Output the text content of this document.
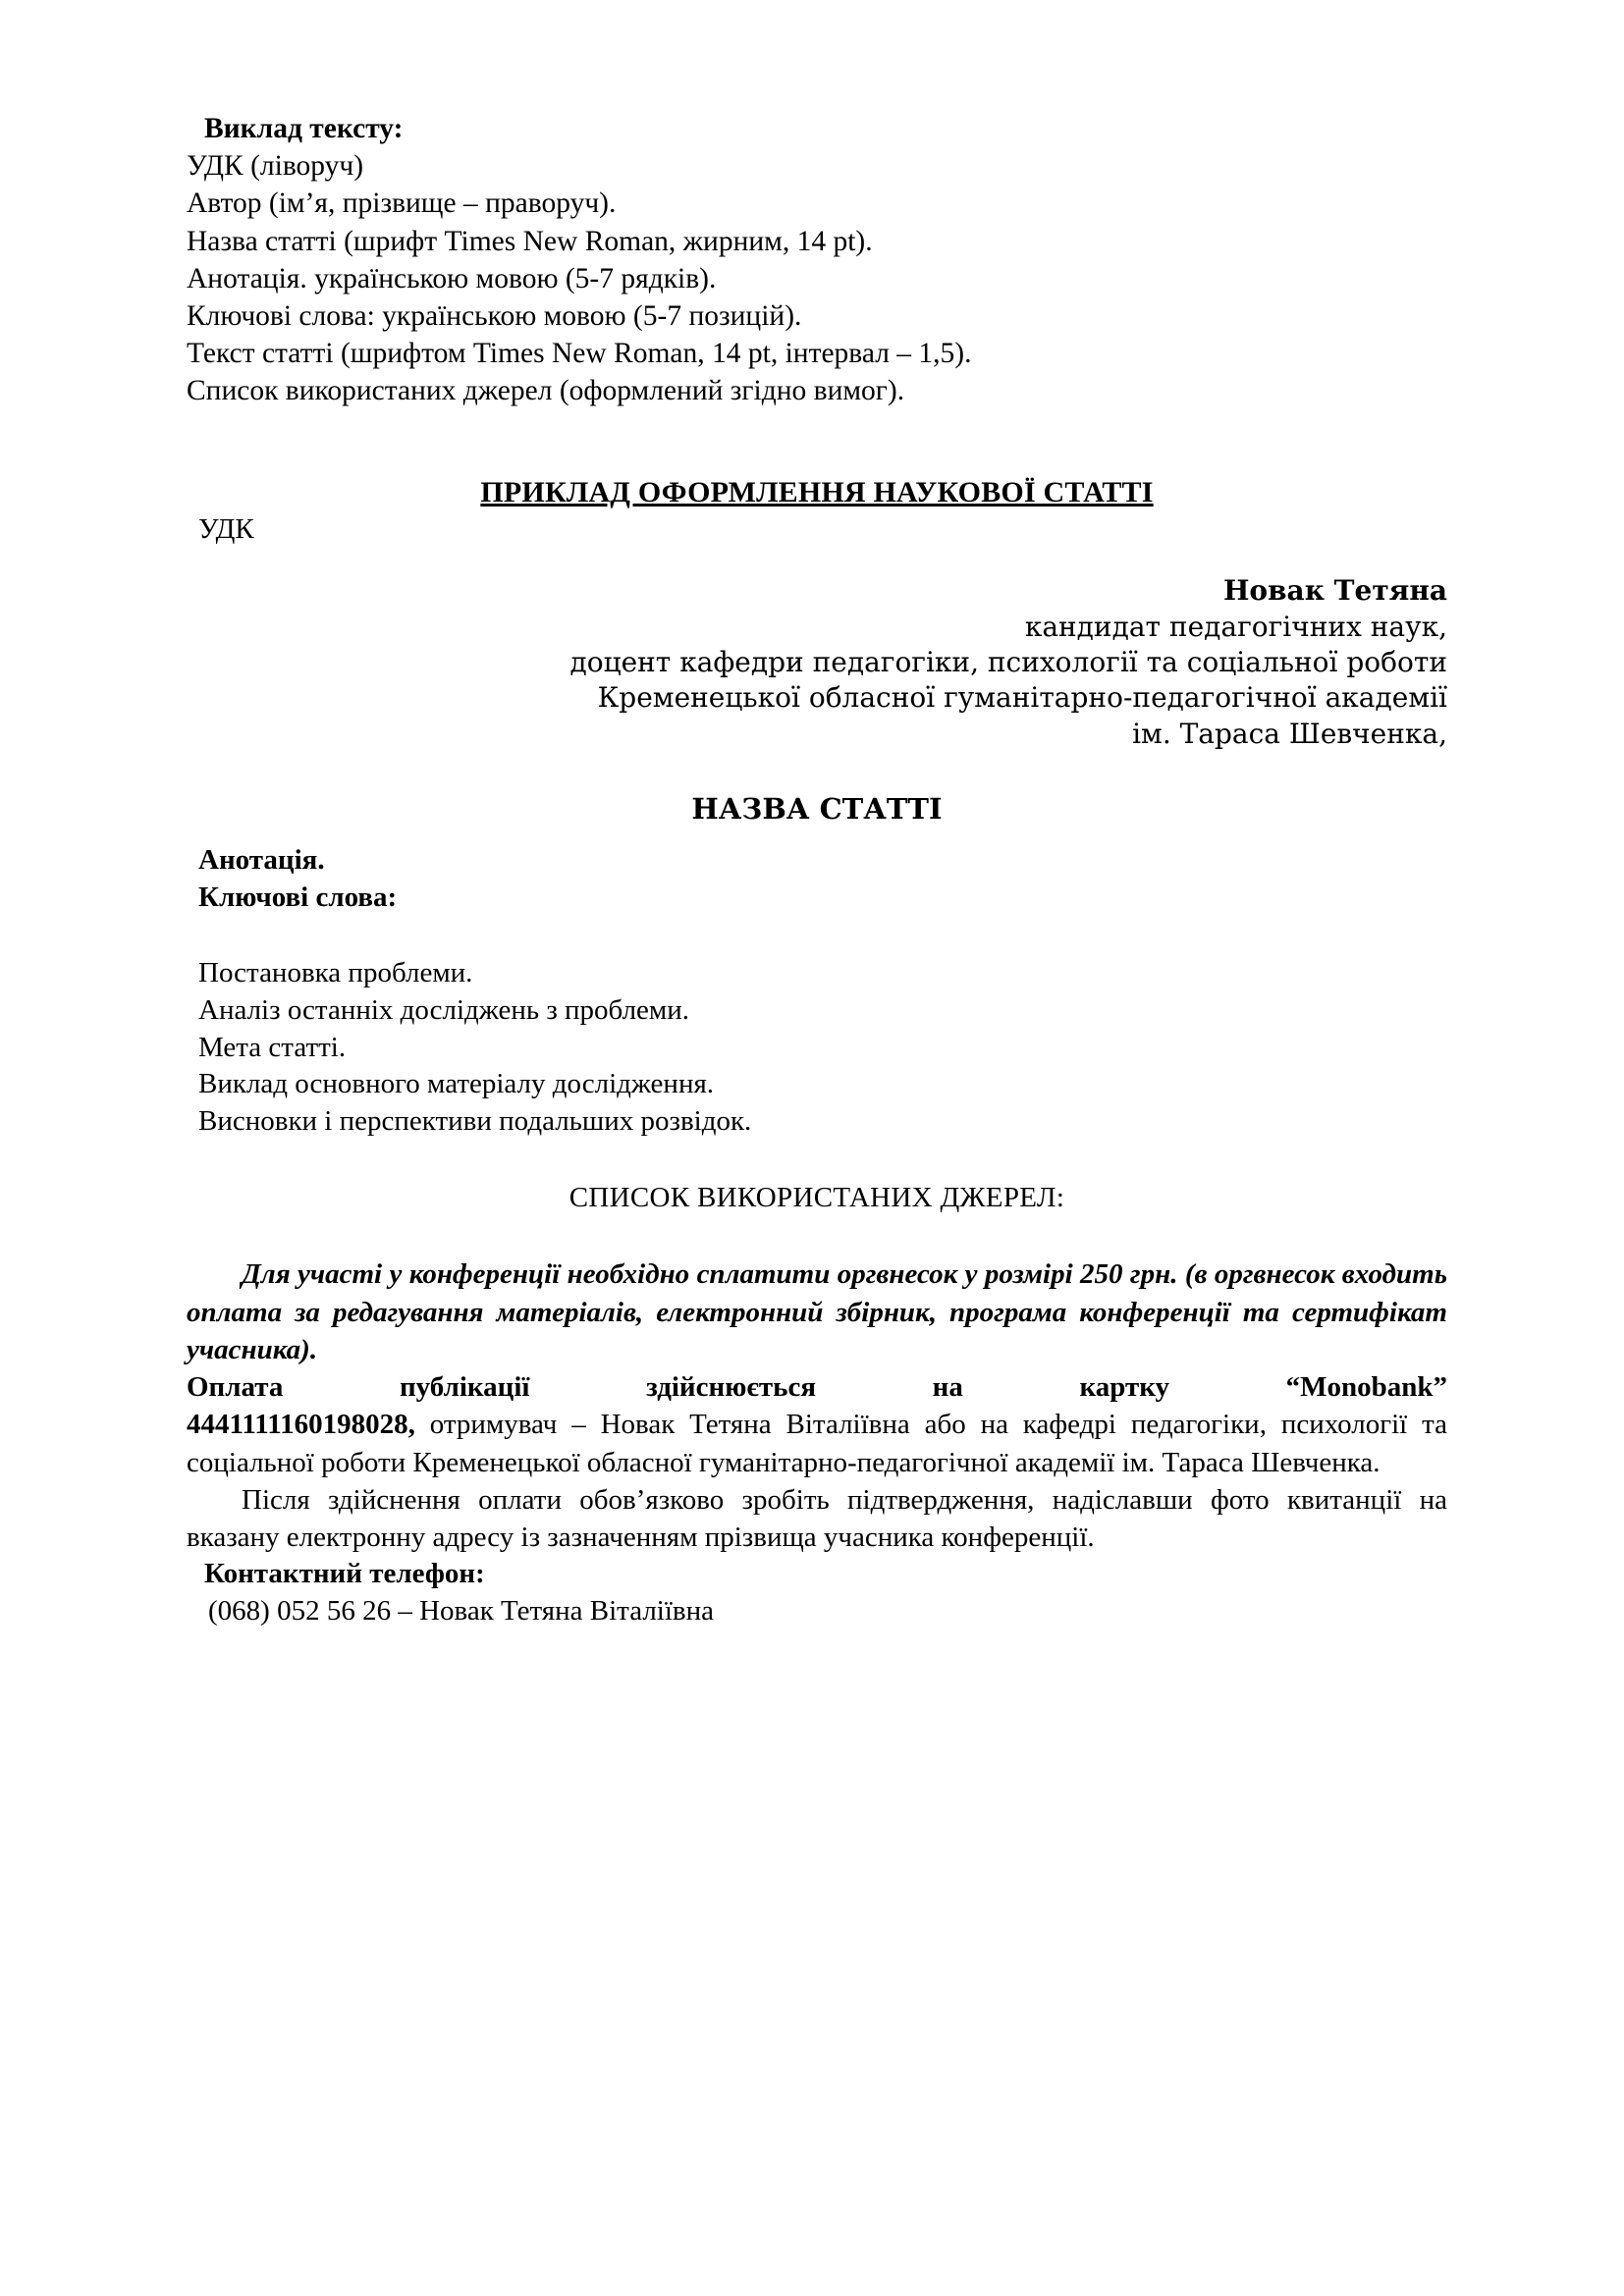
Виклад тексту:

УДК (ліворуч)

Автор (ім’я, прізвище – праворуч).

Назва статті (шрифт Times New Roman, жирним, 14 pt).

Анотація. українською мовою (5-7 рядків).

Ключові слова: українською мовою (5-7 позицій).

Текст статті (шрифтом Times New Roman, 14 pt, інтервал – 1,5).

Список використаних джерел (оформлений згідно вимог).

ПРИКЛАД ОФОРМЛЕННЯ НАУКОВОЇ СТАТТІ

УДК

Новак Тетяна

кандидат педагогічних наук,

доцент кафедри педагогіки, психології та соціальної роботи

Кременецької обласної гуманітарно-педагогічної академії

ім. Тараса Шевченка,

НАЗВА СТАТТІ

Анотація.

Ключові слова:

Постановка проблеми.

Аналіз останніх досліджень з проблеми.

Мета статті.

Виклад основного матеріалу дослідження.

Висновки і перспективи подальших розвідок.

СПИСОК ВИКОРИСТАНИХ ДЖЕРЕЛ:

Для участі у конференції необхідно сплатити оргвнесок у розмірі 250 грн. (в оргвнесок входить оплата за редагування матеріалів, електронний збірник, програма конференції та сертифікат учасника).

Оплата	публікації	здійснюється	на	картку	“Monobank”

4441111160198028, отримувач – Новак Тетяна Віталіївна або на кафедрі педагогіки, психології та соціальної роботи Кременецької обласної гуманітарно-педагогічної академії ім. Тараса Шевченка.

Після здійснення оплати обов’язково зробіть підтвердження, надіславши фото квитанції на вказану електронну адресу із зазначенням прізвища учасника конференції.

Контактний телефон:

(068) 052 56 26 – Новак Тетяна Віталіївна
